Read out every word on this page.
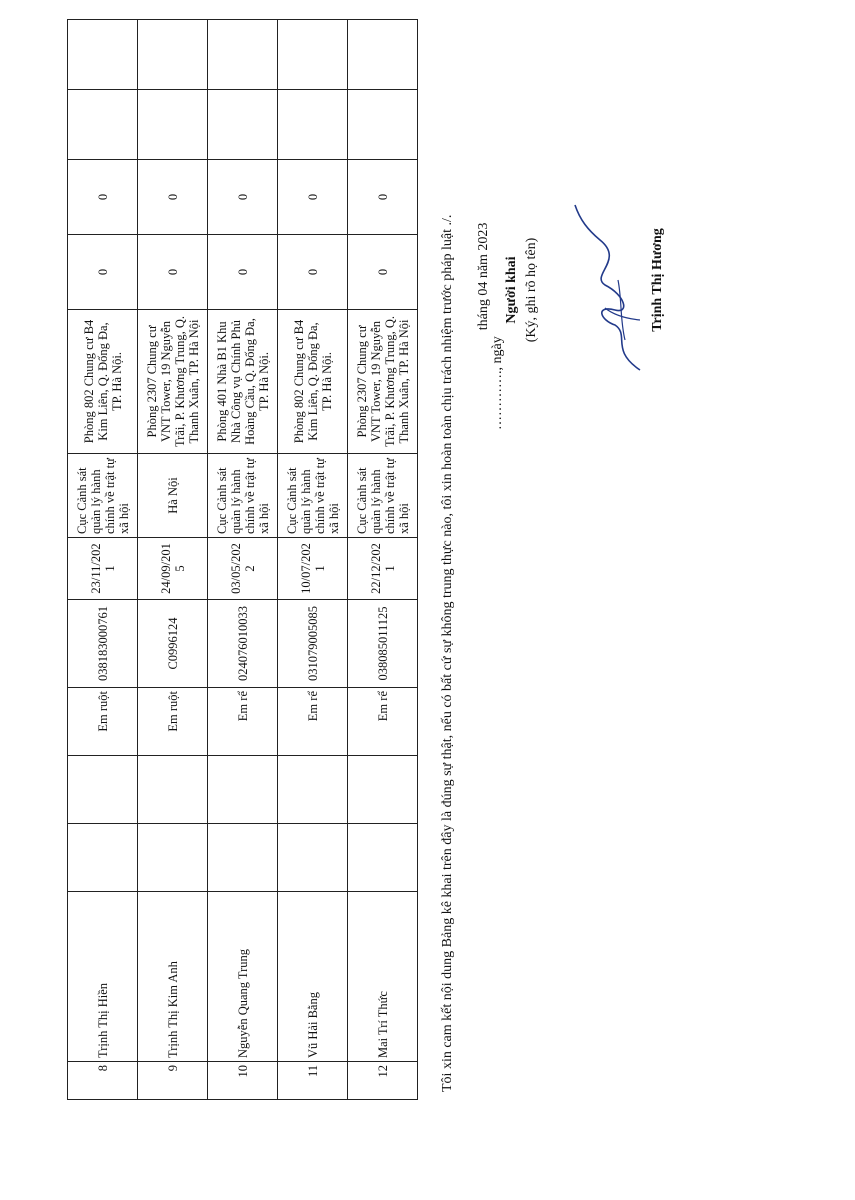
8	Trịnh Thị Hiền			Em ruột	038183000761	23/11/2021	Cục Cảnh sát quản lý hành chính về trật tự xã hội	Phòng 802 Chung cư B4 Kim Liên, Q. Đống Đa, TP. Hà Nội.	0	0		
9	Trịnh Thị Kim Anh			Em ruột	C0996124	24/09/2015	Hà Nội	Phòng 2307 Chung cư VNT Tower, 19 Nguyễn Trãi, P. Khương Trung, Q. Thanh Xuân, TP. Hà Nội	0	0		
10	Nguyễn Quang Trung			Em rể	024076010033	03/05/2022	Cục Cảnh sát quản lý hành chính về trật tự xã hội	Phòng 401 Nhà B1 Khu Nhà Công vụ Chính Phủ Hoàng Cầu, Q. Đống Đa, TP. Hà Nội.	0	0		
11	Vũ Hải Bằng			Em rể	031079005085	10/07/2021	Cục Cảnh sát quản lý hành chính về trật tự xã hội	Phòng 802 Chung cư B4 Kim Liên, Q. Đống Đa, TP. Hà Nội.	0	0		
12	Mai Trí Thức			Em rể	038085011125	22/12/2021	Cục Cảnh sát quản lý hành chính về trật tự xã hội	Phòng 2307 Chung cư VNT Tower, 19 Nguyễn Trãi, P. Khương Trung, Q. Thanh Xuân, TP. Hà Nội	0	0		
Tôi xin cam kết nội dung Bảng kê khai trên đây là đúng sự thật, nếu có bất cứ sự không trung thực nào, tôi xin hoàn toàn chịu trách nhiệm trước pháp luật ./.	…………., ngày
tháng 04 năm 2023 Người khai (Ký, ghi rõ họ tên)	Trịnh Thị Hương
